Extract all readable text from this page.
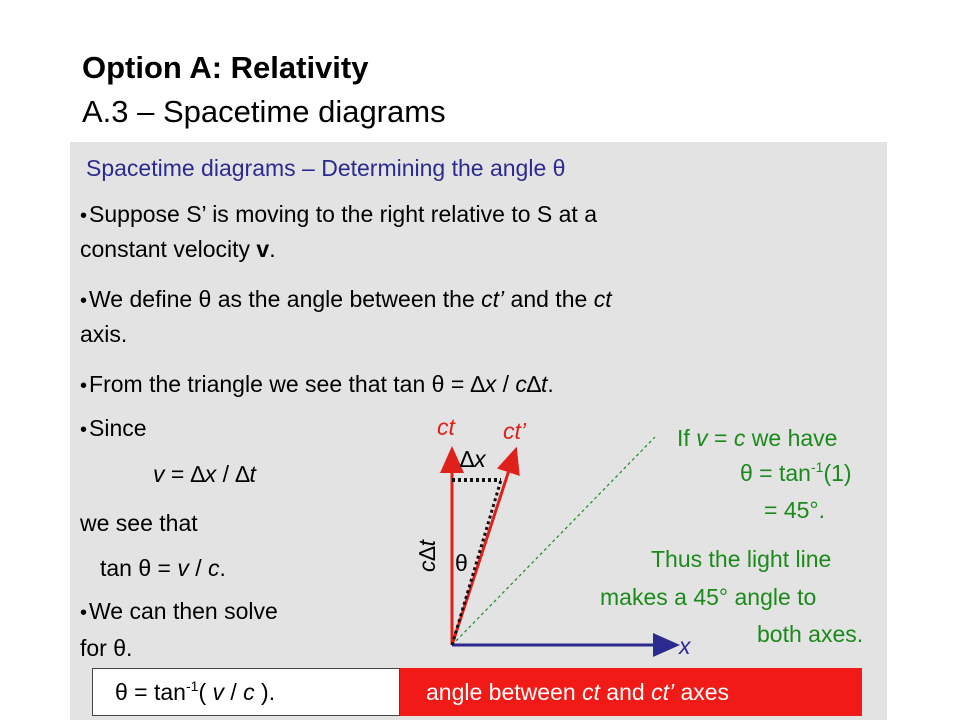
Option A: Relativity
A.3 – Spacetime diagrams
Spacetime diagrams – Determining the angle θ
•Suppose S’ is moving to the right relative to S at a
constant velocity v.
•We define θ as the angle between the ct’ and the ct
axis.
•From the triangle we see that tan θ = ∆x / c∆t.
•Since
v = ∆x / ∆t
we see that
tan θ = v / c.
•We can then solve
for θ.
ct ct’
∆x
c∆t
θ
x
If v = c we have
$\theta = \tan^{-1}(1)$
= 45°.
Thus the light line
makes a 45° angle to
both axes.
$\theta = \tan^{-1}$( v / c ).	angle between ct and ct’ axes
